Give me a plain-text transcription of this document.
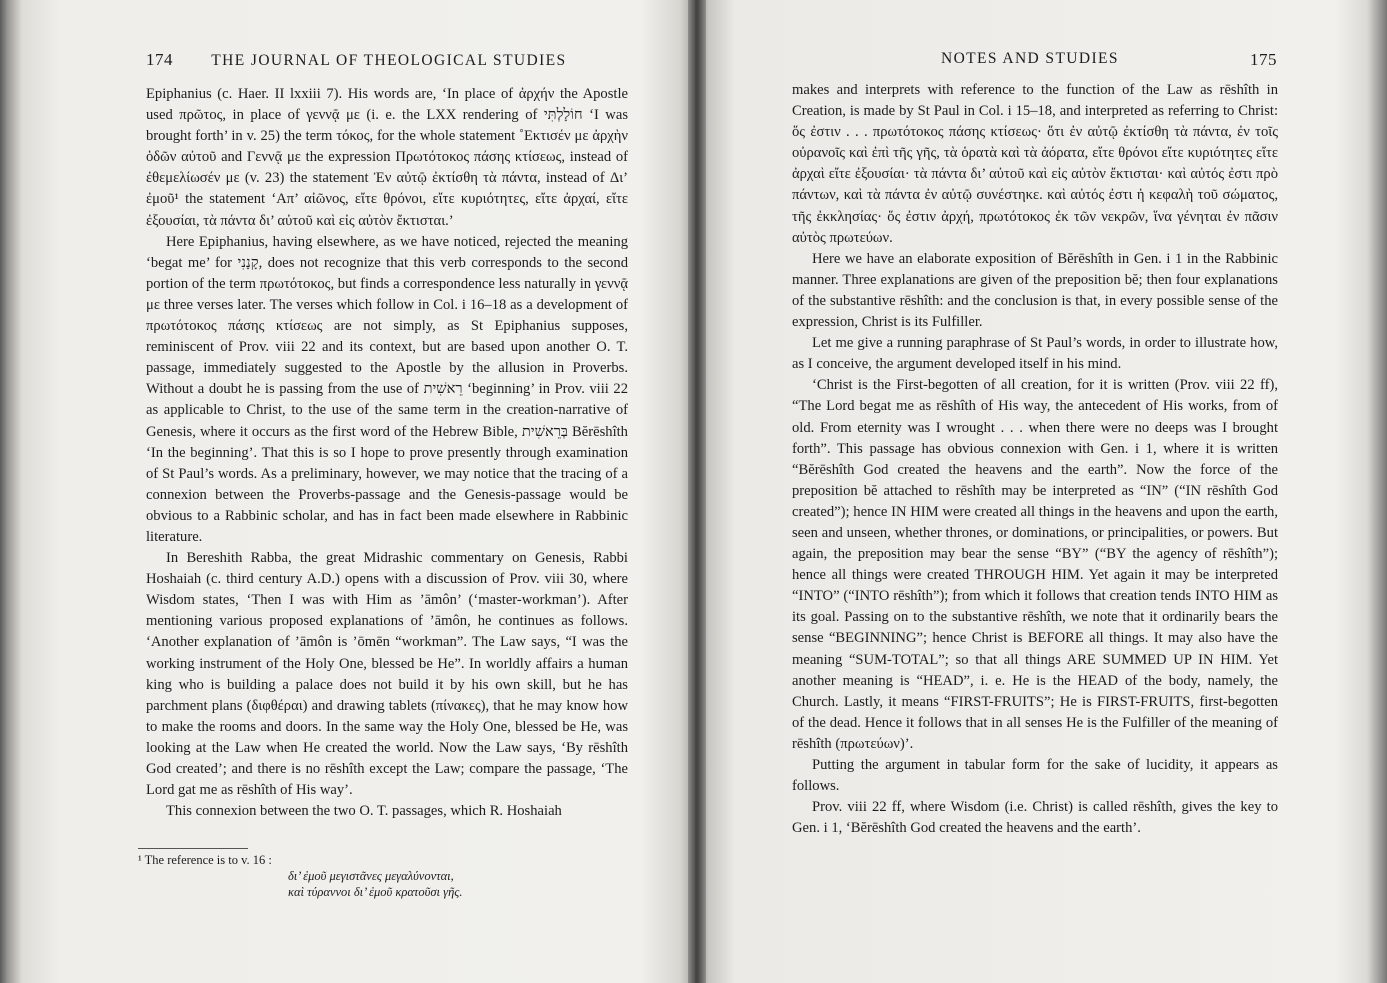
174 THE JOURNAL OF THEOLOGICAL STUDIES

Epiphanius (c. Haer. II lxxiii 7). His words are, ‘In place of ἀρχήν the Apostle used πρῶτος, in place of γεννᾷ με (i. e. the LXX rendering of חוֹלָלְתִּי ‘I was brought forth’ in v. 25) the term τόκος, for the whole statement ˚Εκτισέν με ἀρχὴν ὁδῶν αὐτοῦ and Γεννᾷ με the expression Πρωτότοκος πάσης κτίσεως, instead of ἐθεμελίωσέν με (v. 23) the statement Ἐν αὐτῷ ἐκτίσθη τὰ πάντα, instead of Δι’ ἐμοῦ¹ the statement ‘Απ’ αἰῶνος, εἴτε θρόνοι, εἴτε κυριότητες, εἴτε ἀρχαί, εἴτε ἐξουσίαι, τὰ πάντα δι’ αὐτοῦ καὶ εἰς αὐτὸν ἔκτισται.’

Here Epiphanius, having elsewhere, as we have noticed, rejected the meaning ‘begat me’ for קָנָנִי, does not recognize that this verb corresponds to the second portion of the term πρωτότοκος, but finds a correspondence less naturally in γεννᾷ με three verses later. The verses which follow in Col. i 16–18 as a development of πρωτότοκος πάσης κτίσεως are not simply, as St Epiphanius supposes, reminiscent of Prov. viii 22 and its context, but are based upon another O. T. passage, immediately suggested to the Apostle by the allusion in Proverbs. Without a doubt he is passing from the use of רֵאשִׁית ‘beginning’ in Prov. viii 22 as applicable to Christ, to the use of the same term in the creation-narrative of Genesis, where it occurs as the first word of the Hebrew Bible, בְּרֵאשִׁית Bĕrēshîth ‘In the beginning’. That this is so I hope to prove presently through examination of St Paul’s words. As a preliminary, however, we may notice that the tracing of a connexion between the Proverbs-passage and the Genesis-passage would be obvious to a Rabbinic scholar, and has in fact been made elsewhere in Rabbinic literature.

In Bereshith Rabba, the great Midrashic commentary on Genesis, Rabbi Hoshaiah (c. third century A.D.) opens with a discussion of Prov. viii 30, where Wisdom states, ‘Then I was with Him as ’āmôn’ (‘master-workman’). After mentioning various proposed explanations of ’āmôn, he continues as follows. ‘Another explanation of ’āmôn is ’ōmēn “workman”. The Law says, “I was the working instrument of the Holy One, blessed be He”. In worldly affairs a human king who is building a palace does not build it by his own skill, but he has parchment plans (διφθέραι) and drawing tablets (πίνακες), that he may know how to make the rooms and doors. In the same way the Holy One, blessed be He, was looking at the Law when He created the world. Now the Law says, ‘By rēshîth God created’; and there is no rēshîth except the Law; compare the passage, ‘The Lord gat me as rēshîth of His way’.

This connexion between the two O. T. passages, which R. Hoshaiah

¹ The reference is to v. 16 :

δι’ ἐμοῦ μεγιστᾶνες μεγαλύνονται,

καὶ τύραννοι δι’ ἐμοῦ κρατοῦσι γῆς.

NOTES AND STUDIES	175

makes and interprets with reference to the function of the Law as rēshîth in Creation, is made by St Paul in Col. i 15–18, and interpreted as referring to Christ: ὅς ἐστιν . . . πρωτότοκος πάσης κτίσεως· ὅτι ἐν αὐτῷ ἐκτίσθη τὰ πάντα, ἐν τοῖς οὐρανοῖς καὶ ἐπὶ τῆς γῆς, τὰ ὁρατὰ καὶ τὰ ἀόρατα, εἴτε θρόνοι εἴτε κυριότητες εἴτε ἀρχαὶ εἴτε ἐξουσίαι· τὰ πάντα δι’ αὐτοῦ καὶ εἰς αὐτὸν ἔκτισται· καὶ αὐτός ἐστι πρὸ πάντων, καὶ τὰ πάντα ἐν αὐτῷ συνέστηκε. καὶ αὐτός ἐστι ἡ κεφαλὴ τοῦ σώματος, τῆς ἐκκλησίας· ὅς ἐστιν ἀρχή, πρωτότοκος ἐκ τῶν νεκρῶν, ἵνα γένηται ἐν πᾶσιν αὐτὸς πρωτεύων.

Here we have an elaborate exposition of Bĕrēshîth in Gen. i 1 in the Rabbinic manner. Three explanations are given of the preposition bĕ; then four explanations of the substantive rēshîth: and the conclusion is that, in every possible sense of the expression, Christ is its Fulfiller.

Let me give a running paraphrase of St Paul’s words, in order to illustrate how, as I conceive, the argument developed itself in his mind.

‘Christ is the First-begotten of all creation, for it is written (Prov. viii 22 ff), “The Lord begat me as rēshîth of His way, the antecedent of His works, from of old. From eternity was I wrought . . . when there were no deeps was I brought forth”. This passage has obvious connexion with Gen. i 1, where it is written “Bĕrēshîth God created the heavens and the earth”. Now the force of the preposition bĕ attached to rēshîth may be interpreted as “IN” (“IN rēshîth God created”); hence IN HIM were created all things in the heavens and upon the earth, seen and unseen, whether thrones, or dominations, or principalities, or powers. But again, the preposition may bear the sense “BY” (“BY the agency of rēshîth”); hence all things were created THROUGH HIM. Yet again it may be interpreted “INTO” (“INTO rēshîth”); from which it follows that creation tends INTO HIM as its goal. Passing on to the substantive rēshîth, we note that it ordinarily bears the sense “BEGINNING”; hence Christ is BEFORE all things. It may also have the meaning “SUM-TOTAL”; so that all things ARE SUMMED UP IN HIM. Yet another meaning is “HEAD”, i. e. He is the HEAD of the body, namely, the Church. Lastly, it means “FIRST-FRUITS”; He is FIRST-FRUITS, first-begotten of the dead. Hence it follows that in all senses He is the Fulfiller of the meaning of rēshîth (πρωτεύων)’.

Putting the argument in tabular form for the sake of lucidity, it appears as follows.

Prov. viii 22 ff, where Wisdom (i.e. Christ) is called rēshîth, gives the key to Gen. i 1, ‘Bĕrēshîth God created the heavens and the earth’.
